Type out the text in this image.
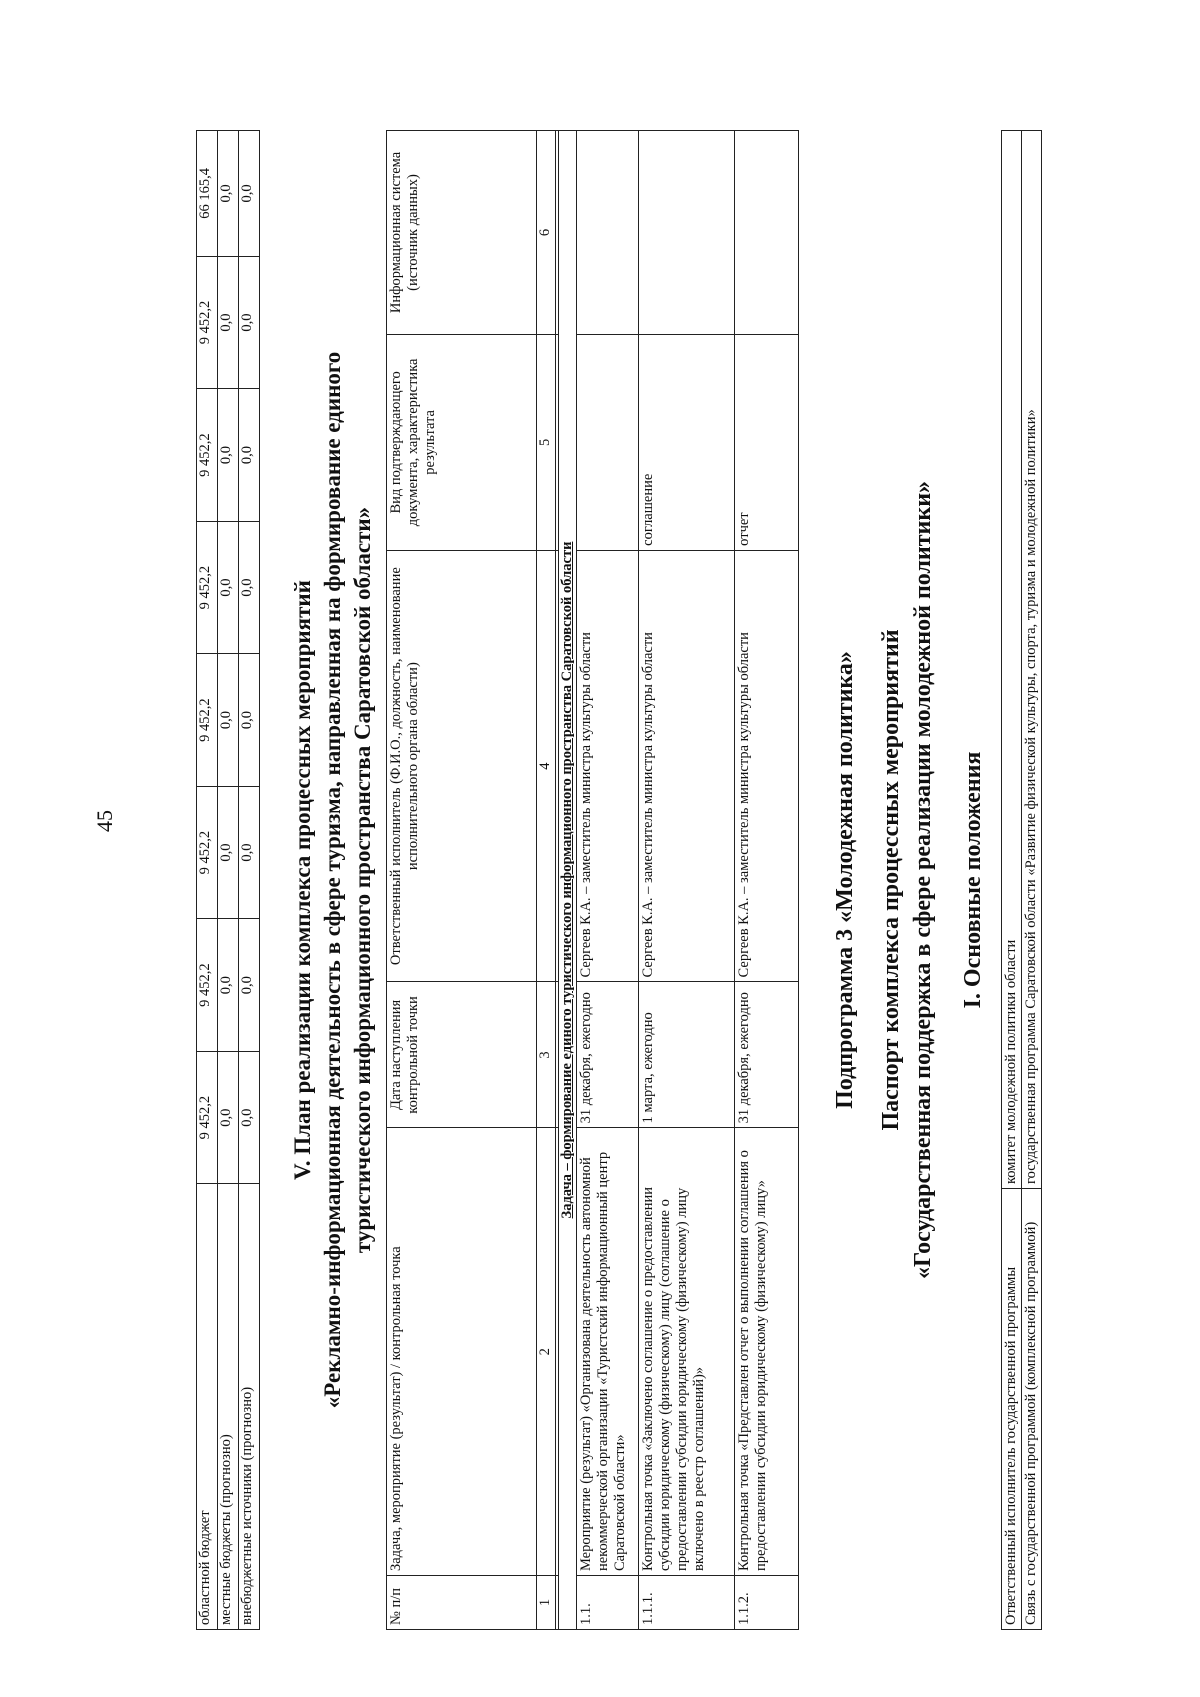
45
областной бюджет	9 452,2	9 452,2	9 452,2	9 452,2	9 452,2	9 452,2	9 452,2	66 165,4
местные бюджеты (прогнозно)	0,0	0,0	0,0	0,0	0,0	0,0	0,0	0,0
внебюджетные источники (прогнозно)	0,0	0,0	0,0	0,0	0,0	0,0	0,0	0,0
V. План реализации комплекса процессных мероприятий «Рекламно-информационная деятельность в сфере туризма, направленная на формирование единого туристического информационного пространства Саратовской области»
№ п/п	Задача, мероприятие (результат) / контрольная точка	Дата наступления контрольной точки	Ответственный исполнитель (Ф.И.О., должность, наименование исполнительного органа области)	Вид подтверждающего документа, характеристика результата	Информационная система (источник данных)
1	2	3	4	5	6

Задача – формирование единого туристического информационного пространства Саратовской области					
1.1.	Мероприятие (результат) «Организована деятельность автономной некоммерческой организации «Туристский информационный центр Саратовской области»	31 декабря, ежегодно	Сергеев К.А. – заместитель министра культуры области		
1.1.1.	Контрольная точка «Заключено соглашение о предоставлении субсидии юридическому (физическому) лицу (соглашение о предоставлении субсидии юридическому (физическому) лицу включено в реестр соглашений)»	1 марта, ежегодно	Сергеев К.А. – заместитель министра культуры области	соглашение	
1.1.2.	Контрольная точка «Представлен отчет о выполнении соглашения о предоставлении субсидии юридическому (физическому) лицу»	31 декабря, ежегодно	Сергеев К.А. – заместитель министра культуры области	отчет	
Подпрограмма 3 «Молодежная политика» Паспорт комплекса процессных мероприятий «Государственная поддержка в сфере реализации молодежной политики» I. Основные положения
Ответственный исполнитель государственной программы	комитет молодежной политики области
Связь с государственной программой (комплексной программой)	государственная программа Саратовской области «Развитие физической культуры, спорта, туризма и молодежной политики»
